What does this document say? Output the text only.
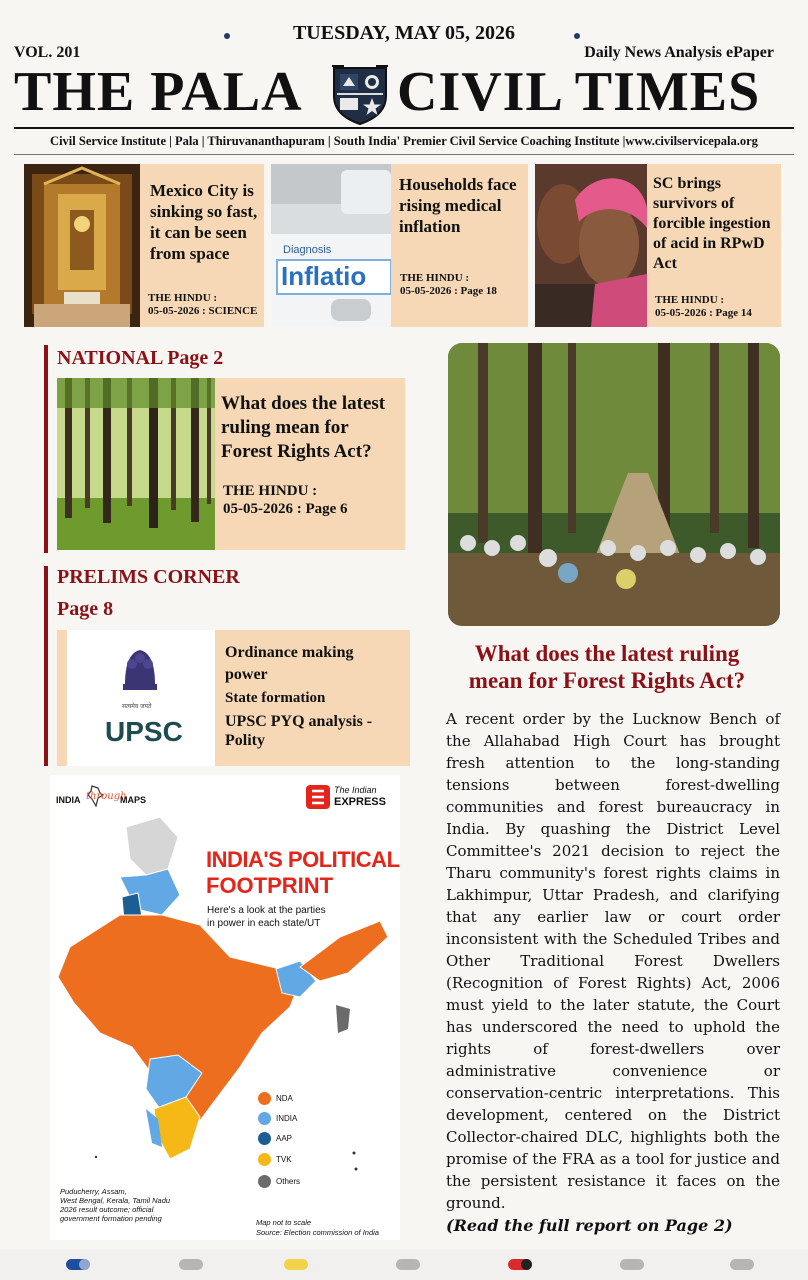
TUESDAY, MAY 05, 2026
VOL. 201	Daily News Analysis ePaper
THE PALA CIVIL TIMES
Civil Service Institute | Pala | Thiruvananthapuram | South India' Premier Civil Service Coaching Institute |www.civilservicepala.org
Mexico City is sinking so fast, it can be seen from space
THE HINDU :
05-05-2026 : SCIENCE
Diagnosis
Inflatio
Households face rising medical inflation
THE HINDU :
05-05-2026 : Page 18
SC brings survivors of forcible ingestion of acid in RPwD Act
THE HINDU :
05-05-2026 : Page 14
NATIONAL Page 2
What does the latest ruling mean for Forest Rights Act?
THE HINDU :
05-05-2026 : Page 6
PRELIMS CORNER
Page 8
सत्यमेव जयते
UPSC
Ordinance making power
State formation
UPSC PYQ analysis - Polity
INDIA through
MAPS
The Indian
EXPRESS
INDIA'S POLITICAL
FOOTPRINT
Here's a look at the parties
in power in each state/UT
NDA
INDIA
AAP
TVK
Others
Puducherry, Assam,
West Bengal, Kerala, Tamil Nadu
2026 result outcome; official
government formation pending	Map not to scale
Source: Election commission of India
What does the latest ruling mean for Forest Rights Act?
A recent order by the Lucknow Bench of the Allahabad High Court has brought fresh attention to the long-standing tensions between forest-dwelling communities and forest bureaucracy in India. By quashing the District Level Committee's 2021 decision to reject the Tharu community's forest rights claims in Lakhimpur, Uttar Pradesh, and clarifying that any earlier law or court order inconsistent with the Scheduled Tribes and Other Traditional Forest Dwellers (Recognition of Forest Rights) Act, 2006 must yield to the later statute, the Court has underscored the need to uphold the rights of forest-dwellers over administrative convenience or conservation-centric interpretations. This development, centered on the District Collector-chaired DLC, highlights both the promise of the FRA as a tool for justice and the persistent resistance it faces on the ground.
(Read the full report on Page 2)
